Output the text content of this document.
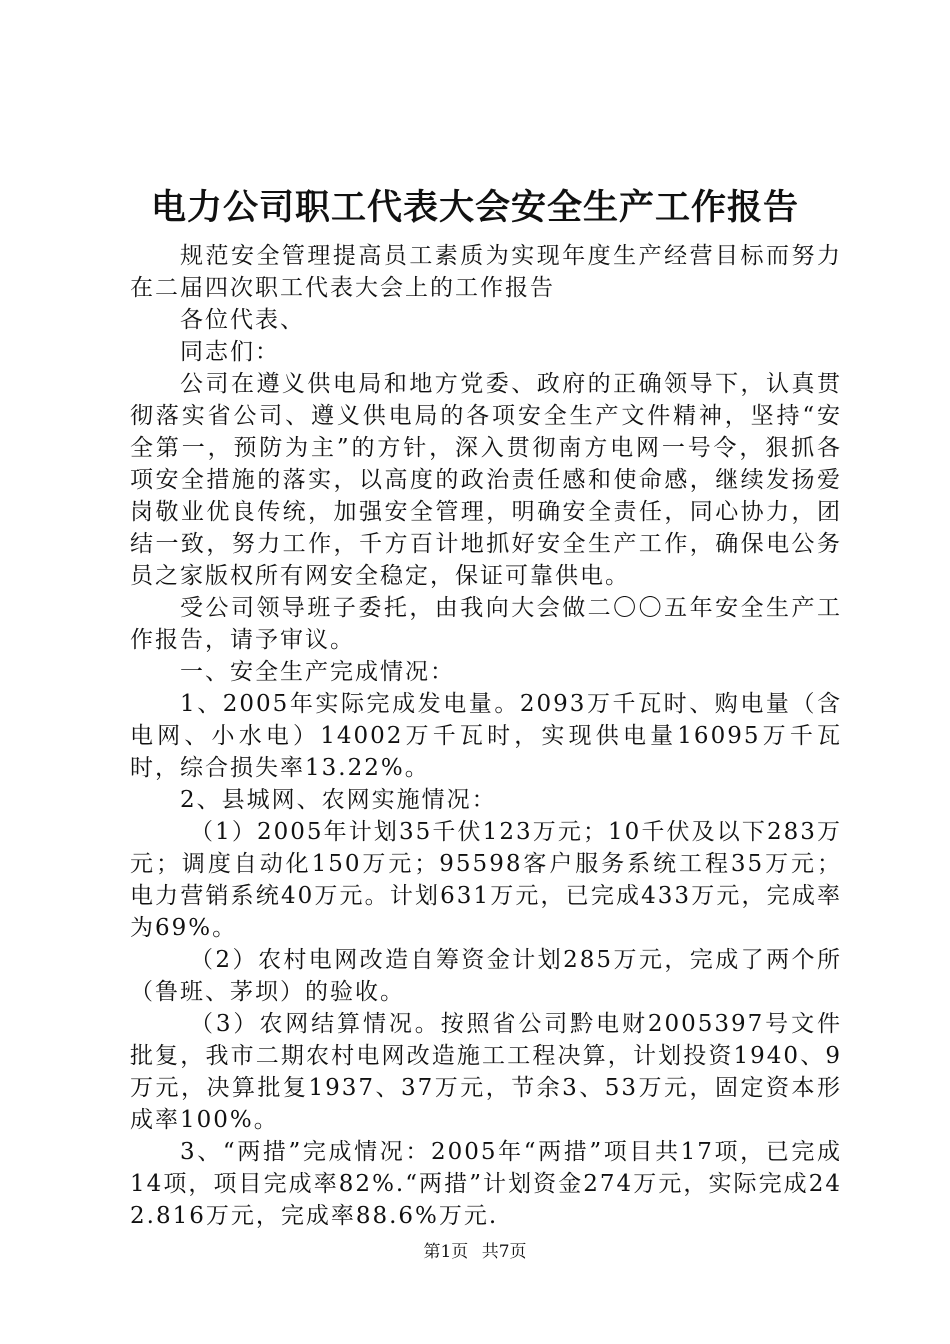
电力公司职工代表大会安全生产工作报告

规范安全管理提高员工素质为实现年度生产经营目标而努力在二届四次职工代表大会上的工作报告

各位代表、

同志们：

公司在遵义供电局和地方党委、政府的正确领导下，认真贯彻落实省公司、遵义供电局的各项安全生产文件精神，坚持“安全第一，预防为主”的方针，深入贯彻南方电网一号令，狠抓各项安全措施的落实，以高度的政治责任感和使命感，继续发扬爱岗敬业优良传统，加强安全管理，明确安全责任，同心协力，团结一致，努力工作，千方百计地抓好安全生产工作，确保电公务员之家版权所有网安全稳定，保证可靠供电。

受公司领导班子委托，由我向大会做二〇〇五年安全生产工作报告，请予审议。

一、安全生产完成情况：

1、2005年实际完成发电量。2093万千瓦时、购电量（含电网、小水电）14002万千瓦时，实现供电量16095万千瓦时，综合损失率13.22%。

2、县城网、农网实施情况：

（1）2005年计划35千伏123万元；10千伏及以下283万元；调度自动化150万元；95598客户服务系统工程35万元；电力营销系统40万元。计划631万元，已完成433万元，完成率为69%。

（2）农村电网改造自筹资金计划285万元，完成了两个所（鲁班、茅坝）的验收。

（3）农网结算情况。按照省公司黔电财2005397号文件批复，我市二期农村电网改造施工工程决算，计划投资1940、9万元，决算批复1937、37万元，节余3、53万元，固定资本形成率100%。

3、“两措”完成情况：2005年“两措”项目共17项，已完成14项，项目完成率82%.“两措”计划资金274万元，实际完成242.816万元，完成率88.6%万元.

第1页 共7页
